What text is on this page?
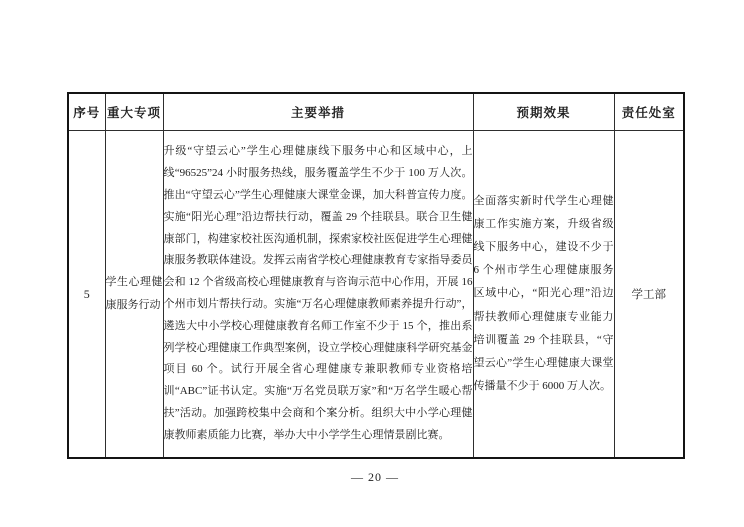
序号	重大专项	主要举措	预期效果	责任处室
5	学生心理健康服务行动	升级“守望云心”学生心理健康线下服务中心和区域中心，上线“96525”24 小时服务热线，服务覆盖学生不少于 100 万人次。推出“守望云心”学生心理健康大课堂金课，加大科普宣传力度。实施“阳光心理”沿边帮扶行动，覆盖 29 个挂联县。联合卫生健康部门，构建家校社医沟通机制，探索家校社医促进学生心理健康服务教联体建设。发挥云南省学校心理健康教育专家指导委员会和 12 个省级高校心理健康教育与咨询示范中心作用，开展 16 个州市划片帮扶行动。实施“万名心理健康教师素养提升行动”，遴选大中小学校心理健康教育名师工作室不少于 15 个，推出系列学校心理健康工作典型案例，设立学校心理健康科学研究基金项目 60 个。试行开展全省心理健康专兼职教师专业资格培训“ABC”证书认定。实施“万名党员联万家”和“万名学生暖心帮扶”活动。加强跨校集中会商和个案分析。组织大中小学心理健康教师素质能力比赛，举办大中小学学生心理情景剧比赛。	全面落实新时代学生心理健康工作实施方案，升级省级线下服务中心，建设不少于 6 个州市学生心理健康服务区域中心，“阳光心理”沿边帮扶教师心理健康专业能力培训覆盖 29 个挂联县，“守望云心”学生心理健康大课堂传播量不少于 6000 万人次。	学工部
— 20 —
